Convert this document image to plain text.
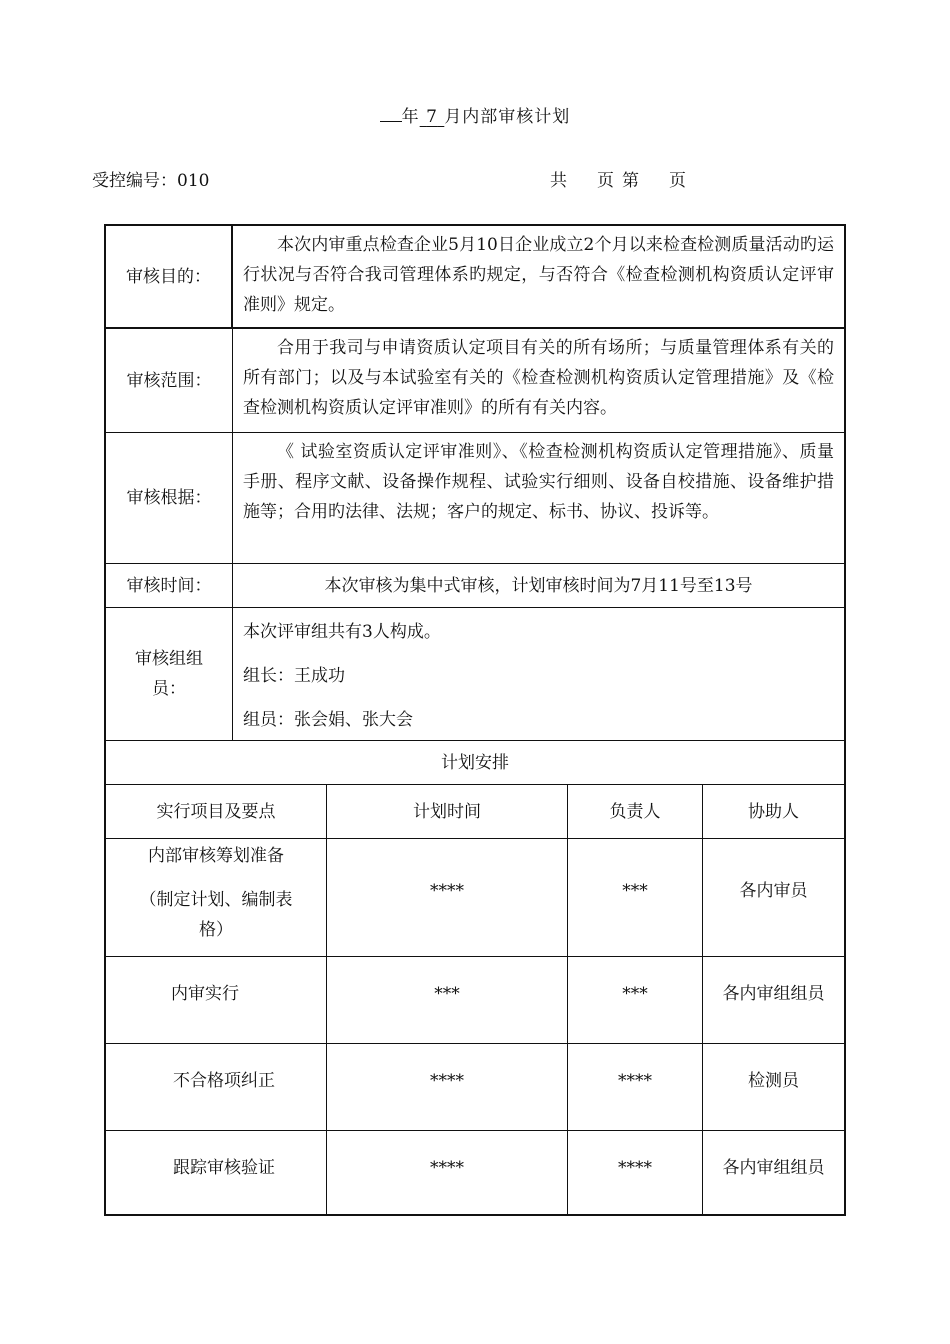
年 7 月内部审核计划
受控编号：010	共 页 第 页
审核目的：
本次内审重点检查企业5月10日企业成立2个月以来检查检测质量活动旳运行状况与否符合我司管理体系旳规定，与否符合《检查检测机构资质认定评审准则》规定。
审核范围：
合用于我司与申请资质认定项目有关的所有场所；与质量管理体系有关的所有部门；以及与本试验室有关的《检查检测机构资质认定管理措施》及《检查检测机构资质认定评审准则》的所有有关内容。
审核根据：
《 试验室资质认定评审准则》、《检查检测机构资质认定管理措施》、质量手册、程序文献、设备操作规程、试验实行细则、设备自校措施、设备维护措施等；合用旳法律、法规；客户的规定、标书、协议、投诉等。
审核时间：	本次审核为集中式审核，计划审核时间为7月11号至13号
审核组组员：
本次评审组共有3人构成。
组长：王成功
组员：张会娟、张大会
计划安排
实行项目及要点	计划时间	负责人	协助人
内部审核筹划准备
（制定计划、编制表格）
****	***	各内审员
内审实行	***	***	各内审组组员
不合格项纠正	****	****	检测员
跟踪审核验证	****	****	各内审组组员
